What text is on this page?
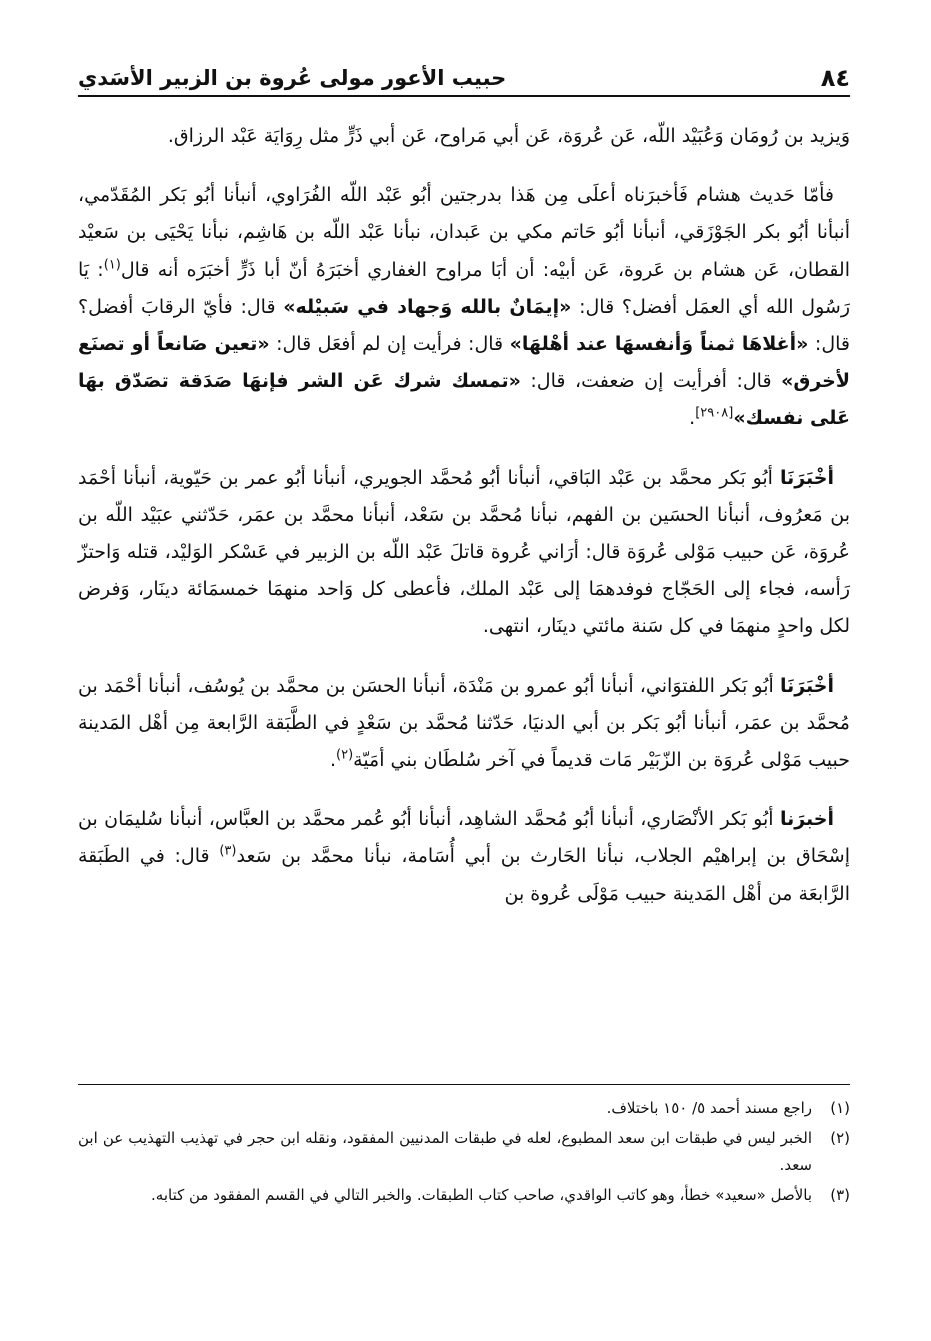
٨٤
حبيب الأعور مولى عُروة بن الزبير الأسَدي

وَيزيد بن رُومَان وَعُبَيْد اللّه، عَن عُروَة، عَن أبي مَراوح، عَن أبي ذَرٍّ مثل رِوَايَة عَبْد الرزاق.

فأمّا حَديث هشام فَأخبرَناه أعلَى مِن هَذا بدرجتين أبُو عَبْد اللّه الفُرَاوي، أنبأنا أبُو بَكر المُقَدّمي، أنبأنا أبُو بكر الجَوْزَقي، أنبأنا أبُو حَاتم مكي بن عَبدان، نبأنا عَبْد اللّه بن هَاشِم، نبأنا يَحْيَى بن سَعيْد القطان، عَن هشام بن عَروة، عَن أبيْه: أن أبَا مراوح الغفاري أخبَرَهُ أنّ أبا ذَرٍّ أخبَرَه أنه قال$^{(١)}$: يَا رَسُول الله أي العمَل أفضل؟ قال: «إيمَانٌ بالله وَجهاد في سَبيْله» قال: فأيّ الرقابَ أفضل؟ قال: «أغلاهَا ثمناً وَأنفسهَا عند أهْلهَا» قال: فرأيت إن لم أفعَل قال: «تعين صَانعاً أو تصنَع لأخرق» قال: أفرأيت إن ضعفت، قال: «تمسك شرك عَن الشر فإنهَا صَدَقة تصَدّق بهَا عَلى نفسك»[٢٩٠٨].

أخْبَرَنَا أبُو بَكر محمَّد بن عَبْد البَاقي، أنبأنا أبُو مُحمَّد الجويري، أنبأنا أبُو عمر بن حَيّوية، أنبأنا أحْمَد بن مَعرُوف، أنبأنا الحسَين بن الفهم، نبأنا مُحمَّد بن سَعْد، أنبأنا محمَّد بن عمَر، حَدّثني عبَيْد اللّه بن عُروَة، عَن حبيب مَوْلى عُروَة قال: أرَاني عُروة قاتلَ عَبْد اللّه بن الزبير في عَسْكر الوَليْد، قتله وَاحتزّ رَأسه، فجاء إلى الحَجّاج فوفدهمَا إلى عَبْد الملك، فأعطى كل وَاحد منهمَا خمسمَائة دينَار، وَفرض لكل واحدٍ منهمَا في كل سَنة مائتي دينَار، انتهى.

أخْبَرَنَا أبُو بَكر اللفتوَاني، أنبأنا أبُو عمرو بن مَنْدَة، أنبأنا الحسَن بن محمَّد بن يُوسُف، أنبأنا أحْمَد بن مُحمَّد بن عمَر، أنبأنا أبُو بَكر بن أبي الدنيَا، حَدّثنا مُحمَّد بن سَعْدٍ في الطَّبَقة الرَّابعة مِن أهْل المَدينة حبيب مَوْلى عُروَة بن الزّبَيْر مَات قديماً في آخر سُلطَان بني أمَيّة$^{(٢)}$.

أخبرَنا أبُو بَكر الأنْصَاري، أنبأنا أبُو مُحمَّد الشاهِد، أنبأنا أبُو عُمر محمَّد بن العبَّاس، أنبأنا سُليمَان بن إسْحَاق بن إبراهيْم الجلاب، نبأنا الحَارث بن أبي أُسَامة، نبأنا محمَّد بن سَعد$^{(٣)}$ قال: في الطَبَقة الرَّابعَة من أهْل المَدينة حبيب مَوْلَى عُروة بن

(١)
راجع مسند أحمد ٥/ ١٥٠ باختلاف.
(٢)
الخبر ليس في طبقات ابن سعد المطبوع، لعله في طبقات المدنيين المفقود، ونقله ابن حجر في تهذيب التهذيب عن ابن سعد.
(٣)
بالأصل «سعيد» خطأ، وهو كاتب الواقدي، صاحب كتاب الطبقات. والخبر التالي في القسم المفقود من كتابه.
